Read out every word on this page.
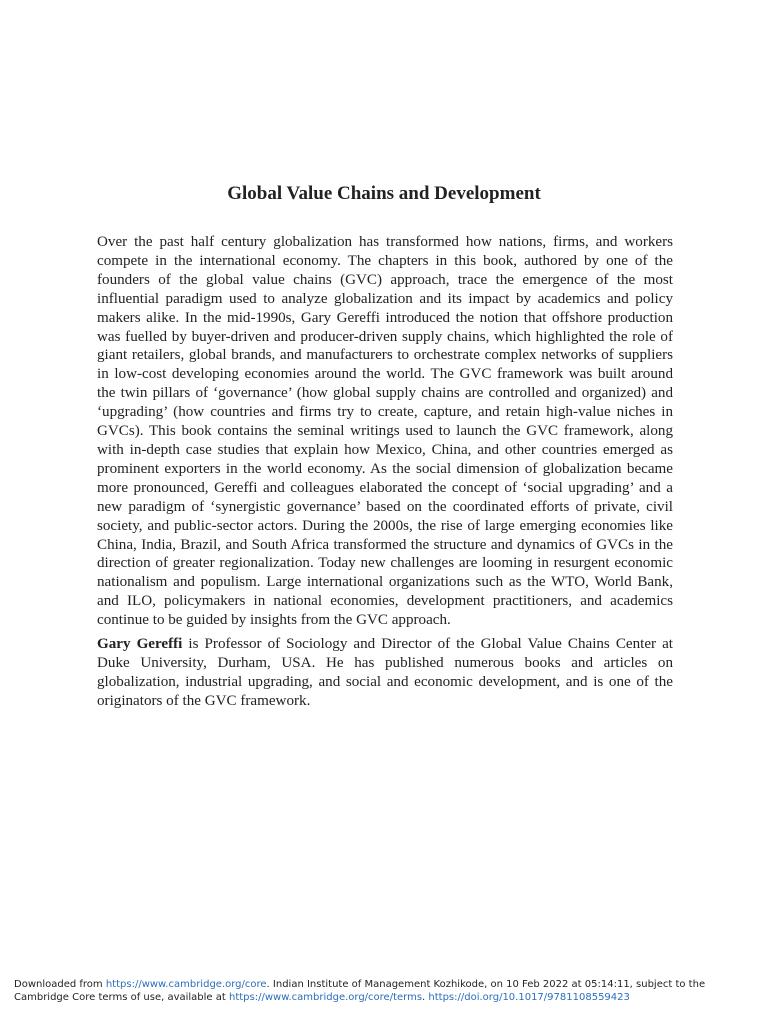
Global Value Chains and Development

Over the past half century globalization has transformed how nations, firms, and workers compete in the international economy. The chapters in this book, authored by one of the founders of the global value chains (GVC) approach, trace the emergence of the most influential paradigm used to analyze globalization and its impact by academics and policy makers alike. In the mid-1990s, Gary Gereffi introduced the notion that offshore production was fuelled by buyer-driven and producer-driven supply chains, which highlighted the role of giant retailers, global brands, and manufacturers to orchestrate complex networks of suppliers in low-cost developing economies around the world. The GVC framework was built around the twin pillars of ‘governance’ (how global supply chains are controlled and organized) and ‘upgrading’ (how countries and firms try to create, capture, and retain high-value niches in GVCs). This book contains the seminal writings used to launch the GVC framework, along with in-depth case studies that explain how Mexico, China, and other countries emerged as prominent exporters in the world economy. As the social dimension of globalization became more pronounced, Gereffi and colleagues elaborated the concept of ‘social upgrading’ and a new paradigm of ‘synergistic governance’ based on the coordinated efforts of private, civil society, and public-sector actors. During the 2000s, the rise of large emerging economies like China, India, Brazil, and South Africa transformed the structure and dynamics of GVCs in the direction of greater regionalization. Today new challenges are looming in resurgent economic nationalism and populism. Large international organizations such as the WTO, World Bank, and ILO, policymakers in national economies, development practitioners, and academics continue to be guided by insights from the GVC approach.

Gary Gereffi is Professor of Sociology and Director of the Global Value Chains Center at Duke University, Durham, USA. He has published numerous books and articles on globalization, industrial upgrading, and social and economic development, and is one of the originators of the GVC framework.

Downloaded from https://www.cambridge.org/core. Indian Institute of Management Kozhikode, on 10 Feb 2022 at 05:14:11, subject to the
Cambridge Core terms of use, available at https://www.cambridge.org/core/terms. https://doi.org/10.1017/9781108559423
